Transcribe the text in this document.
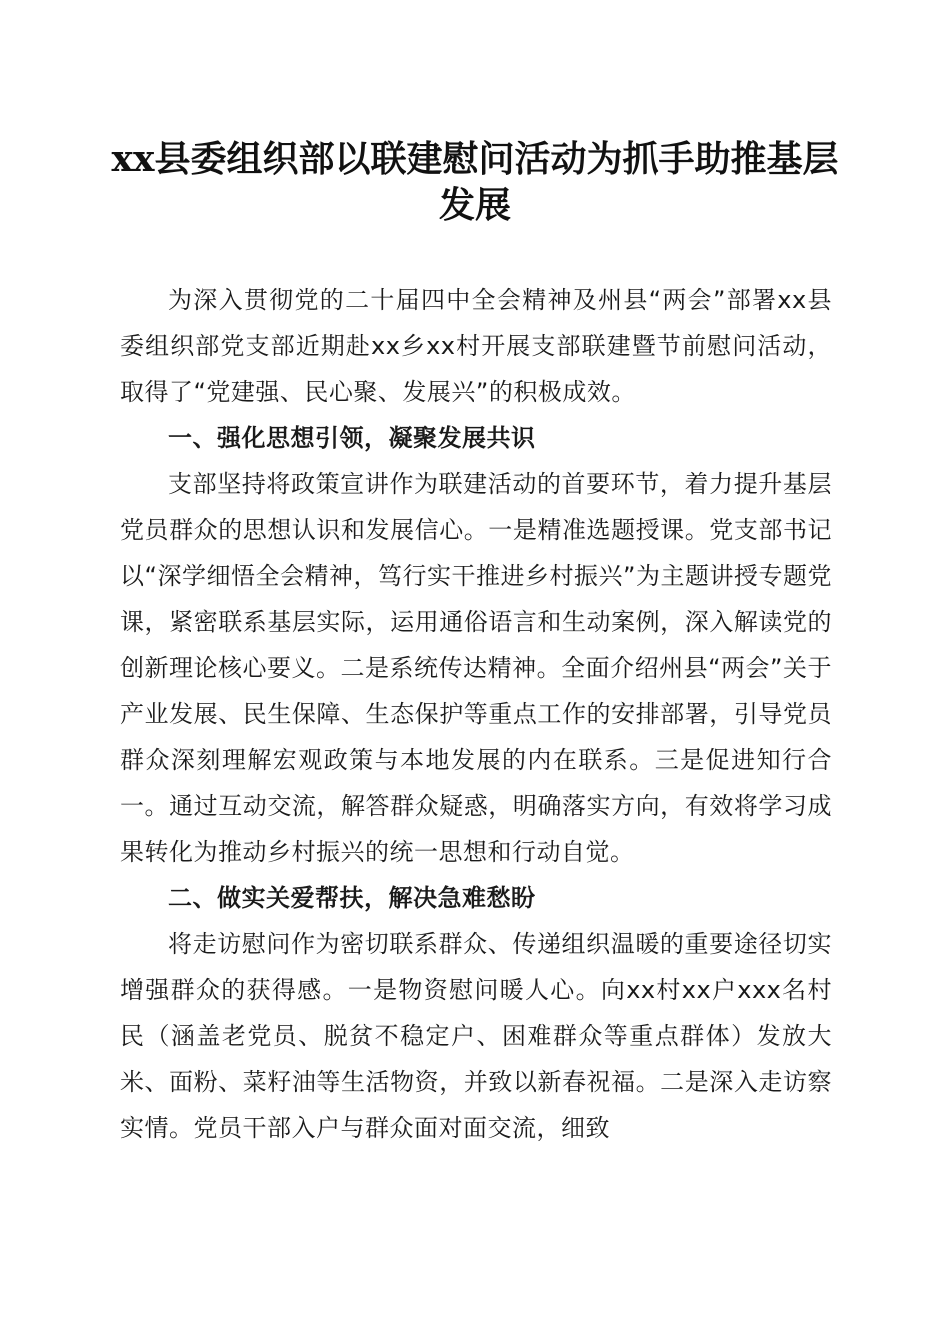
xx县委组织部以联建慰问活动为抓手助推基层发展

为深入贯彻党的二十届四中全会精神及州县“两会”部署xx县委组织部党支部近期赴xx乡xx村开展支部联建暨节前慰问活动，取得了“党建强、民心聚、发展兴”的积极成效。

一、强化思想引领，凝聚发展共识

支部坚持将政策宣讲作为联建活动的首要环节，着力提升基层党员群众的思想认识和发展信心。一是精准选题授课。党支部书记以“深学细悟全会精神，笃行实干推进乡村振兴”为主题讲授专题党课，紧密联系基层实际，运用通俗语言和生动案例，深入解读党的创新理论核心要义。二是系统传达精神。全面介绍州县“两会”关于产业发展、民生保障、生态保护等重点工作的安排部署，引导党员群众深刻理解宏观政策与本地发展的内在联系。三是促进知行合一。通过互动交流，解答群众疑惑，明确落实方向，有效将学习成果转化为推动乡村振兴的统一思想和行动自觉。

二、做实关爱帮扶，解决急难愁盼

将走访慰问作为密切联系群众、传递组织温暖的重要途径切实增强群众的获得感。一是物资慰问暖人心。向xx村xx户xxx名村民（涵盖老党员、脱贫不稳定户、困难群众等重点群体）发放大米、面粉、菜籽油等生活物资，并致以新春祝福。二是深入走访察实情。党员干部入户与群众面对面交流，细致
